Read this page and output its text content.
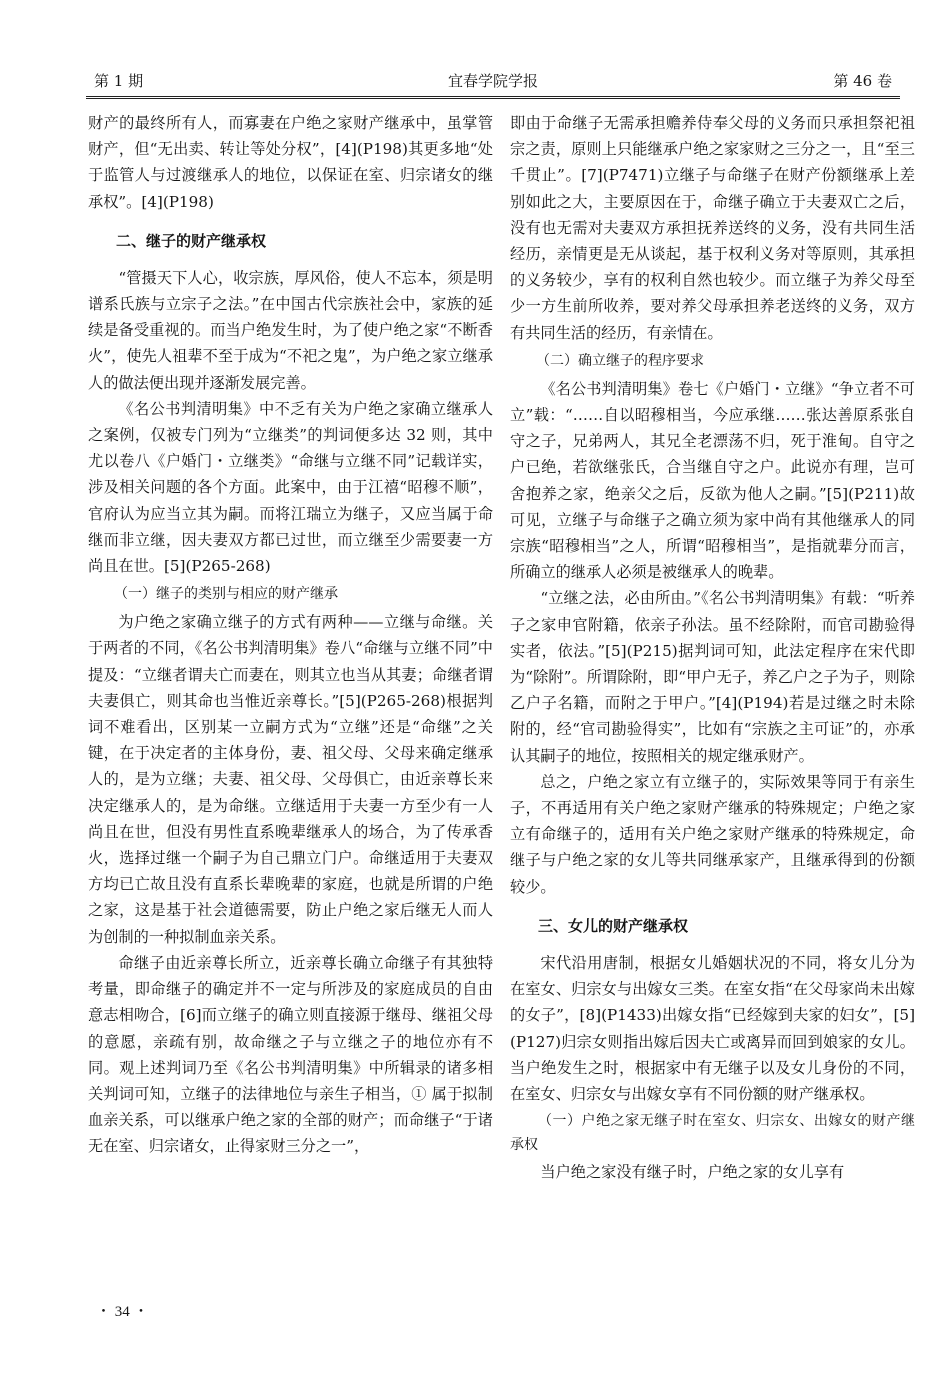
第 1 期	宜春学院学报	第 46 卷

财产的最终所有人，而寡妻在户绝之家财产继承中，虽掌管财产，但“无出卖、转让等处分权”，[4](P198)其更多地“处于监管人与过渡继承人的地位，以保证在室、归宗诸女的继承权”。[4](P198)

二、继子的财产继承权

“管摄天下人心，收宗族，厚风俗，使人不忘本，须是明谱系氏族与立宗子之法。”在中国古代宗族社会中，家族的延续是备受重视的。而当户绝发生时，为了使户绝之家“不断香火”，使先人祖辈不至于成为“不祀之鬼”，为户绝之家立继承人的做法便出现并逐渐发展完善。

《名公书判清明集》中不乏有关为户绝之家确立继承人之案例，仅被专门列为“立继类”的判词便多达 32 则，其中尤以卷八《户婚门・立继类》“命继与立继不同”记载详实，涉及相关问题的各个方面。此案中，由于江禧“昭穆不顺”，官府认为应当立其为嗣。而将江瑞立为继子，又应当属于命继而非立继，因夫妻双方都已过世，而立继至少需要妻一方尚且在世。[5](P265-268)

（一）继子的类别与相应的财产继承

为户绝之家确立继子的方式有两种——立继与命继。关于两者的不同，《名公书判清明集》卷八“命继与立继不同”中提及：“立继者谓夫亡而妻在，则其立也当从其妻；命继者谓夫妻俱亡，则其命也当惟近亲尊长。”[5](P265-268)根据判词不难看出，区别某一立嗣方式为“立继”还是“命继”之关键，在于决定者的主体身份，妻、祖父母、父母来确定继承人的，是为立继；夫妻、祖父母、父母俱亡，由近亲尊长来决定继承人的，是为命继。立继适用于夫妻一方至少有一人尚且在世，但没有男性直系晚辈继承人的场合，为了传承香火，选择过继一个嗣子为自己鼎立门户。命继适用于夫妻双方均已亡故且没有直系长辈晚辈的家庭，也就是所谓的户绝之家，这是基于社会道德需要，防止户绝之家后继无人而人为创制的一种拟制血亲关系。

命继子由近亲尊长所立，近亲尊长确立命继子有其独特考量，即命继子的确定并不一定与所涉及的家庭成员的自由意志相吻合，[6]而立继子的确立则直接源于继母、继祖父母的意愿，亲疏有别，故命继之子与立继之子的地位亦有不同。观上述判词乃至《名公书判清明集》中所辑录的诸多相关判词可知，立继子的法律地位与亲生子相当，① 属于拟制血亲关系，可以继承户绝之家的全部的财产；而命继子“于诸无在室、归宗诸女，止得家财三分之一”，

即由于命继子无需承担赡养侍奉父母的义务而只承担祭祀祖宗之责，原则上只能继承户绝之家家财之三分之一，且“至三千贯止”。[7](P7471)立继子与命继子在财产份额继承上差别如此之大，主要原因在于，命继子确立于夫妻双亡之后，没有也无需对夫妻双方承担抚养送终的义务，没有共同生活经历，亲情更是无从谈起，基于权利义务对等原则，其承担的义务较少，享有的权利自然也较少。而立继子为养父母至少一方生前所收养，要对养父母承担养老送终的义务，双方有共同生活的经历，有亲情在。

（二）确立继子的程序要求

《名公书判清明集》卷七《户婚门・立继》“争立者不可立”载：“……自以昭穆相当，今应承继……张达善原系张自守之子，兄弟两人，其兄全老漂荡不归，死于淮甸。自守之户已绝，若欲继张氏，合当继自守之户。此说亦有理，岂可舍抱养之家，绝亲父之后，反欲为他人之嗣。”[5](P211)故可见，立继子与命继子之确立须为家中尚有其他继承人的同宗族“昭穆相当”之人，所谓“昭穆相当”，是指就辈分而言，所确立的继承人必须是被继承人的晚辈。

“立继之法，必由所由。”《名公书判清明集》有载：“听养子之家申官附籍，依亲子孙法。虽不经除附，而官司勘验得实者，依法。”[5](P215)据判词可知，此法定程序在宋代即为“除附”。所谓除附，即“甲户无子，养乙户之子为子，则除乙户子名籍，而附之于甲户。”[4](P194)若是过继之时未除附的，经“官司勘验得实”，比如有“宗族之主可证”的，亦承认其嗣子的地位，按照相关的规定继承财产。

总之，户绝之家立有立继子的，实际效果等同于有亲生子，不再适用有关户绝之家财产继承的特殊规定；户绝之家立有命继子的，适用有关户绝之家财产继承的特殊规定，命继子与户绝之家的女儿等共同继承家产，且继承得到的份额较少。

三、女儿的财产继承权

宋代沿用唐制，根据女儿婚姻状况的不同，将女儿分为在室女、归宗女与出嫁女三类。在室女指“在父母家尚未出嫁的女子”，[8](P1433)出嫁女指“已经嫁到夫家的妇女”，[5](P127)归宗女则指出嫁后因夫亡或离异而回到娘家的女儿。当户绝发生之时，根据家中有无继子以及女儿身份的不同，在室女、归宗女与出嫁女享有不同份额的财产继承权。

（一）户绝之家无继子时在室女、归宗女、出嫁女的财产继承权

当户绝之家没有继子时，户绝之家的女儿享有

・ 34 ・
